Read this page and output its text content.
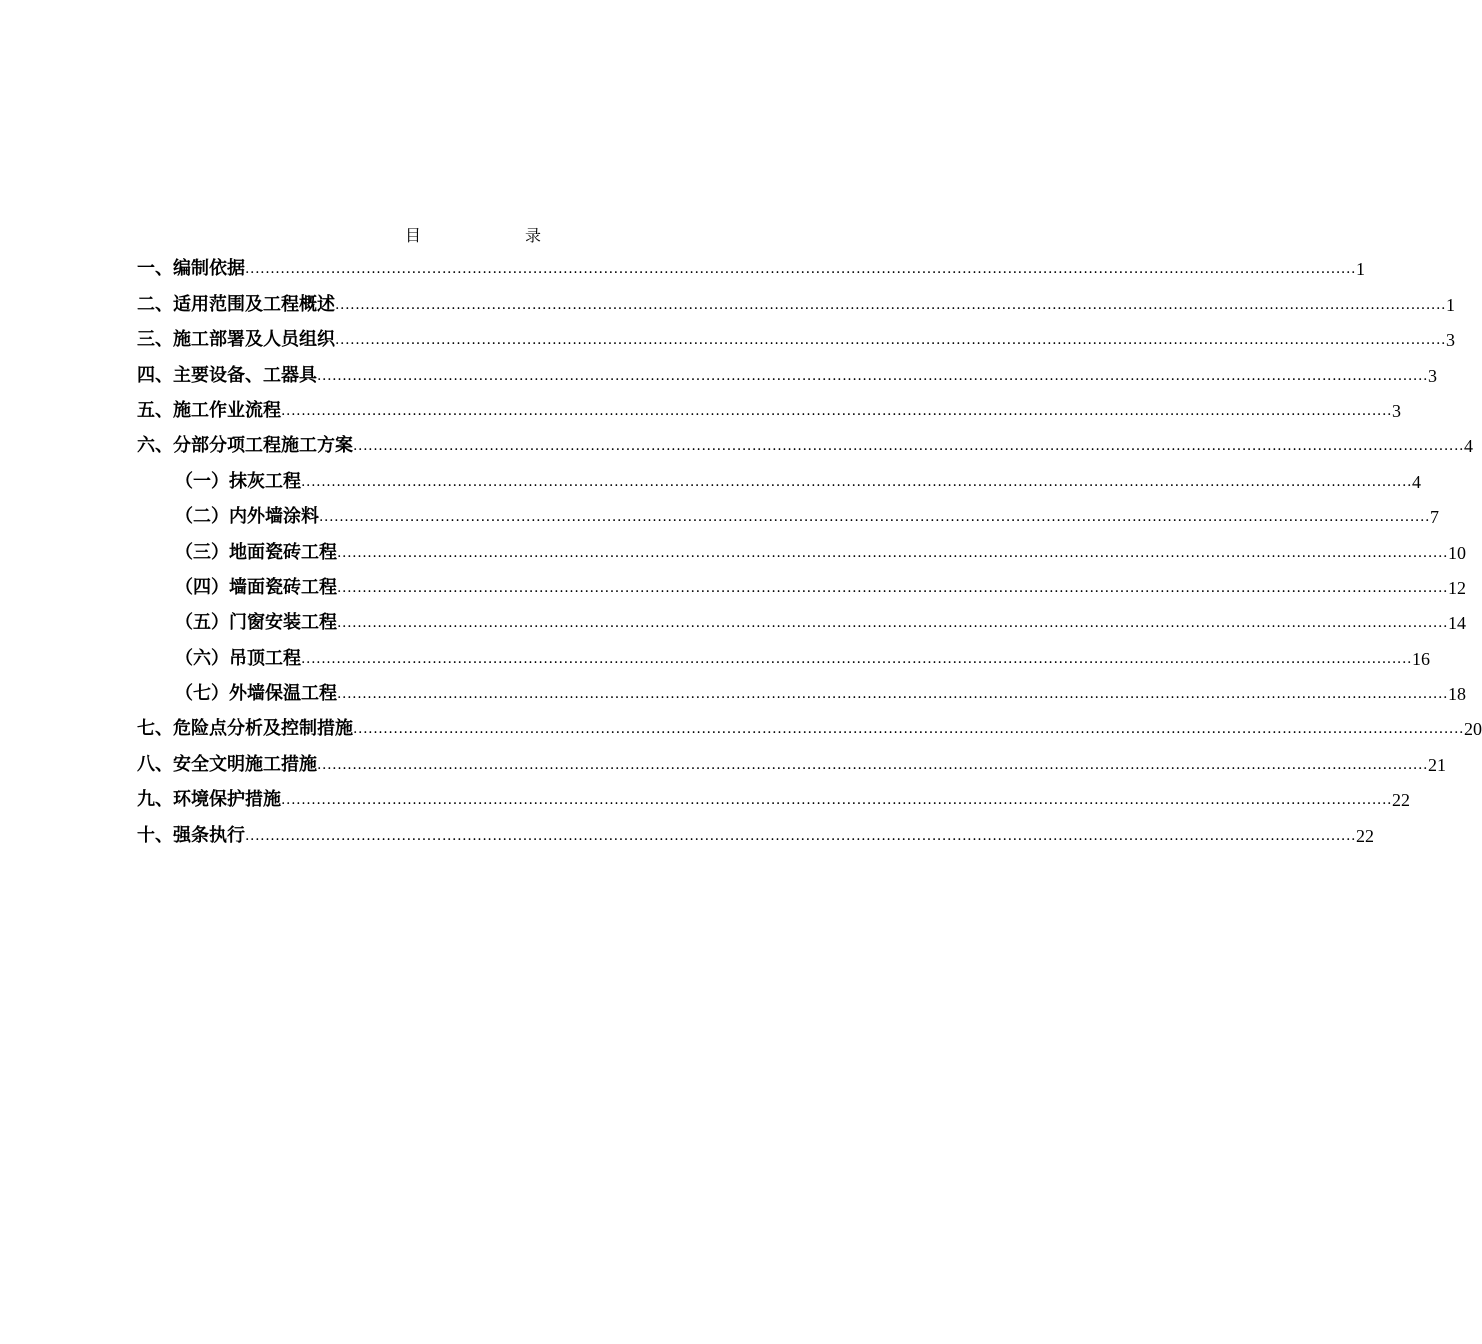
目　录
一、编制依据 ............................................................................................................................................................................................................................ 1
二、适用范围及工程概述 ............................................................................................................................................................................................................................ 1
三、施工部署及人员组织 ............................................................................................................................................................................................................................ 3
四、主要设备、工器具 ............................................................................................................................................................................................................................ 3
五、施工作业流程 ............................................................................................................................................................................................................................ 3
六、分部分项工程施工方案 ............................................................................................................................................................................................................................ 4
（一）抹灰工程 ............................................................................................................................................................................................................................ 4
（二）内外墙涂料 ............................................................................................................................................................................................................................ 7
（三）地面瓷砖工程 ............................................................................................................................................................................................................................ 10
（四）墙面瓷砖工程 ............................................................................................................................................................................................................................ 12
（五）门窗安装工程 ............................................................................................................................................................................................................................ 14
（六）吊顶工程 ............................................................................................................................................................................................................................ 16
（七）外墙保温工程 ............................................................................................................................................................................................................................ 18
七、危险点分析及控制措施 ............................................................................................................................................................................................................................ 20
八、安全文明施工措施 ............................................................................................................................................................................................................................ 21
九、环境保护措施 ............................................................................................................................................................................................................................ 22
十、强条执行 ............................................................................................................................................................................................................................ 22
